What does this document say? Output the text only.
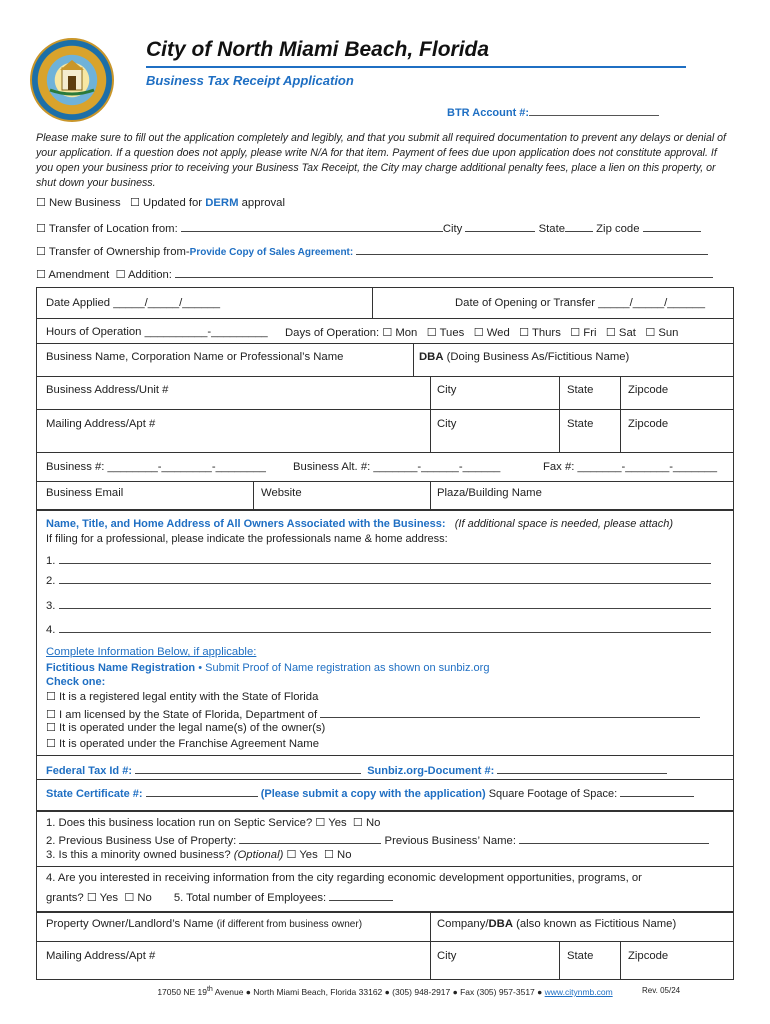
City of North Miami Beach, Florida
Business Tax Receipt Application
BTR Account #:
Please make sure to fill out the application completely and legibly, and that you submit all required documentation to prevent any delays or denial of your application. If a question does not apply, please write N/A for that item. Payment of fees due upon application does not constitute approval. If you open your business prior to receiving your Business Tax Receipt, the City may charge additional penalty fees, place a lien on this property, or shut down your business.
☐ New Business ☐ Updated for DERM approval
☐ Transfer of Location from:	City	State	Zip code
☐ Transfer of Ownership from-Provide Copy of Sales Agreement:
☐ Amendment ☐ Addition:
Date Applied _____/_____/______	Date of Opening or Transfer _____/_____/______
Hours of Operation __________-_________ Days of Operation: ☐ Mon ☐ Tues ☐ Wed ☐ Thurs ☐ Fri ☐ Sat ☐ Sun
Business Name, Corporation Name or Professional’s Name	DBA (Doing Business As/Fictitious Name)
Business Address/Unit #	City	State	Zipcode
Mailing Address/Apt #	City	State	Zipcode
Business #: ________-________-________ Business Alt. #: _______-______-______	Fax #: _______-_______-_______
Business Email	Website	Plaza/Building Name
Name, Title, and Home Address of All Owners Associated with the Business: (If additional space is needed, please attach)
If filing for a professional, please indicate the professionals name & home address:
1.
2.
3.
4.
Complete Information Below, if applicable:
Fictitious Name Registration • Submit Proof of Name registration as shown on sunbiz.org
Check one:
☐ It is a registered legal entity with the State of Florida
☐ I am licensed by the State of Florida, Department of
☐ It is operated under the legal name(s) of the owner(s)
☐ It is operated under the Franchise Agreement Name
Federal Tax Id #:	Sunbiz.org-Document #:
State Certificate #:	(Please submit a copy with the application) Square Footage of Space:
1. Does this business location run on Septic Service? ☐ Yes ☐ No
2. Previous Business Use of Property:	Previous Business’ Name:
3. Is this a minority owned business? (Optional) ☐ Yes ☐ No
4. Are you interested in receiving information from the city regarding economic development opportunities, programs, or
grants? ☐ Yes ☐ No 5. Total number of Employees:
Property Owner/Landlord’s Name (if different from business owner)	Company/DBA (also known as Fictitious Name)
Mailing Address/Apt #	City	State	Zipcode
17050 NE 19th Avenue ● North Miami Beach, Florida 33162 ● (305) 948-2917 ● Fax (305) 957-3517 ● www.citynmb.com	Rev. 05/24
